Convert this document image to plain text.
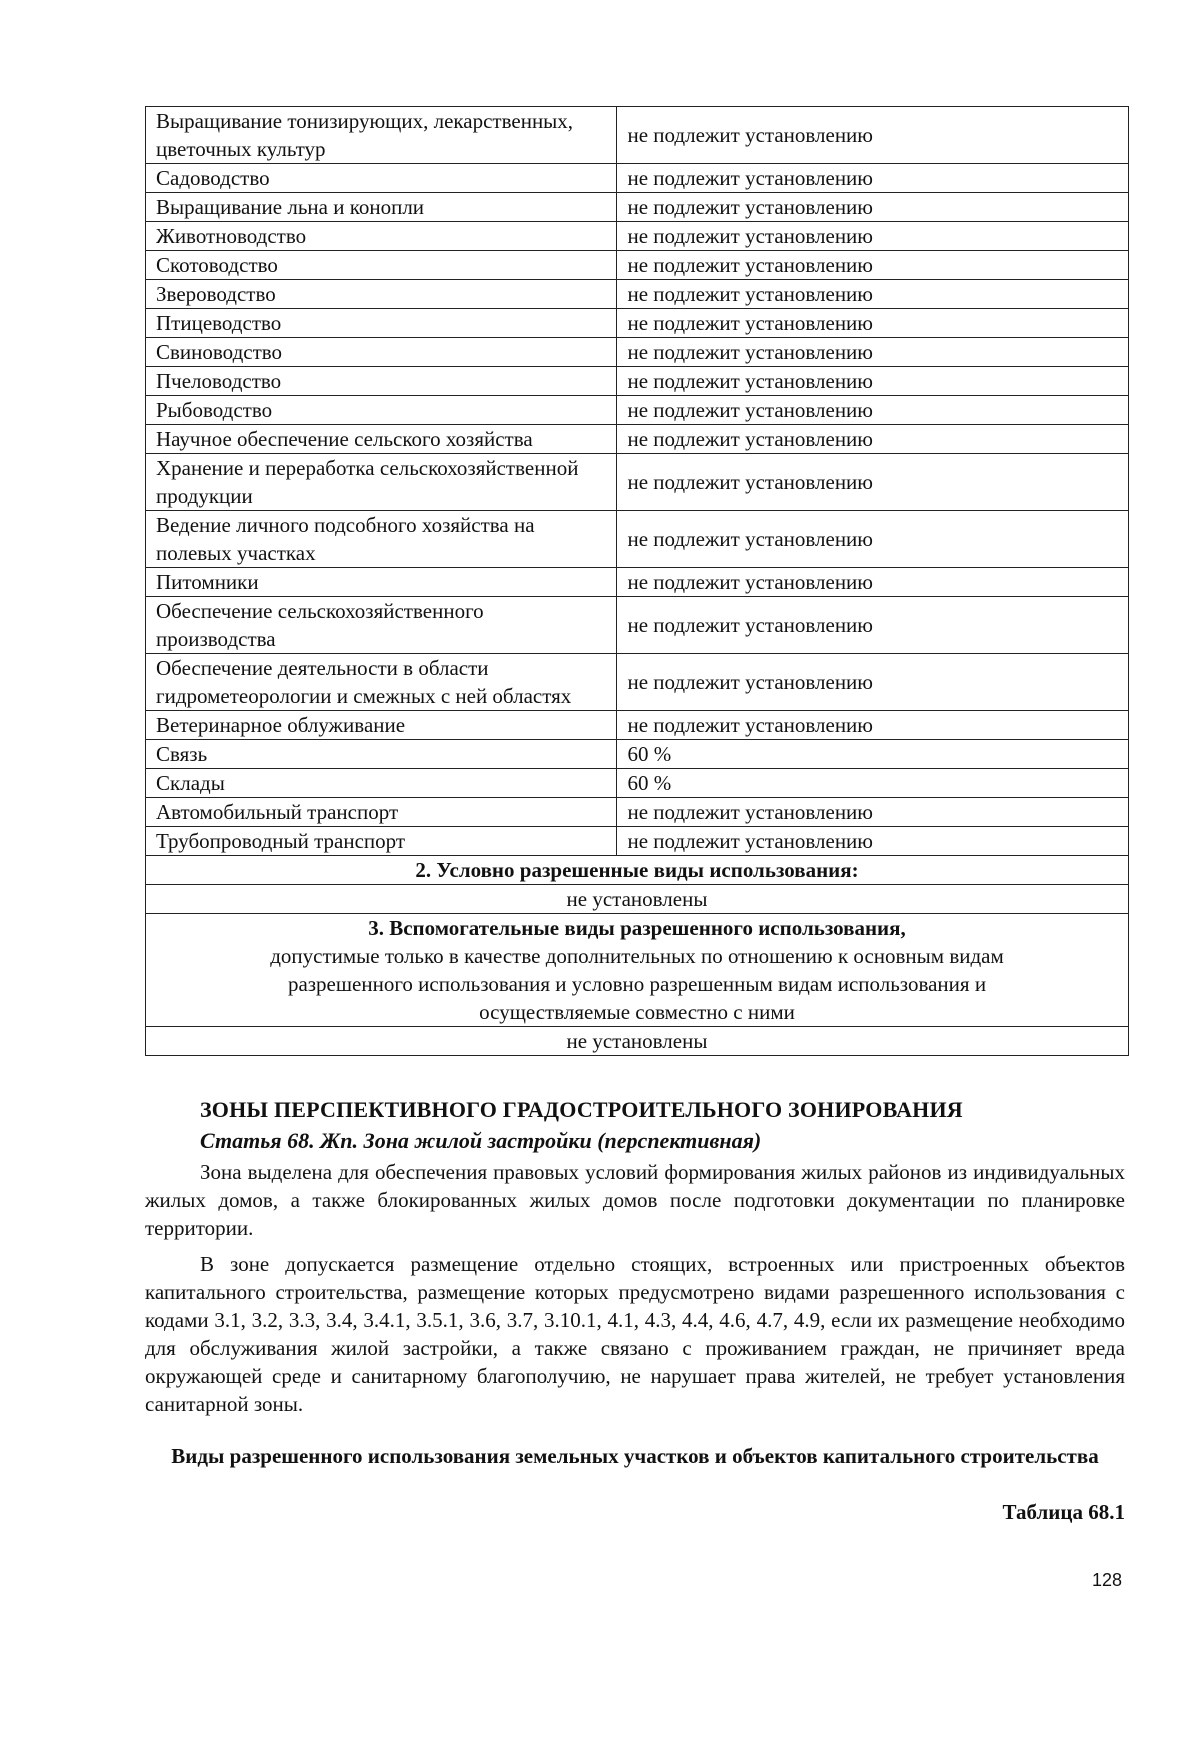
Выращивание тонизирующих, лекарственных, цветочных культур	не подлежит установлению
Садоводство	не подлежит установлению
Выращивание льна и конопли	не подлежит установлению
Животноводство	не подлежит установлению
Скотоводство	не подлежит установлению
Звероводство	не подлежит установлению
Птицеводство	не подлежит установлению
Свиноводство	не подлежит установлению
Пчеловодство	не подлежит установлению
Рыбоводство	не подлежит установлению
Научное обеспечение сельского хозяйства	не подлежит установлению
Хранение и переработка сельскохозяйственной продукции	не подлежит установлению
Ведение личного подсобного хозяйства на полевых участках	не подлежит установлению
Питомники	не подлежит установлению
Обеспечение сельскохозяйственного производства	не подлежит установлению
Обеспечение деятельности в области гидрометеорологии и смежных с ней областях	не подлежит установлению
Ветеринарное облуживание	не подлежит установлению
Связь	60 %
Склады	60 %
Автомобильный транспорт	не подлежит установлению
Трубопроводный транспорт	не подлежит установлению
2. Условно разрешенные виды использования:	
не установлены	

3. Вспомогательные виды разрешенного использования,
допустимые только в качестве дополнительных по отношению к основным видам разрешенного использования и условно разрешенным видам использования и осуществляемые совместно с ними	

не установлены	
ЗОНЫ ПЕРСПЕКТИВНОГО ГРАДОСТРОИТЕЛЬНОГО ЗОНИРОВАНИЯ
Статья 68. Жп. Зона жилой застройки (перспективная)

Зона выделена для обеспечения правовых условий формирования жилых районов из индивидуальных жилых домов, а также блокированных жилых домов после подготовки документации по планировке территории.

В зоне допускается размещение отдельно стоящих, встроенных или пристроенных объектов капитального строительства, размещение которых предусмотрено видами разрешенного использования с кодами 3.1, 3.2, 3.3, 3.4, 3.4.1, 3.5.1, 3.6, 3.7, 3.10.1, 4.1, 4.3, 4.4, 4.6, 4.7, 4.9, если их размещение необходимо для обслуживания жилой застройки, а также связано с проживанием граждан, не причиняет вреда окружающей среде и санитарному благополучию, не нарушает права жителей, не требует установления санитарной зоны.

Виды разрешенного использования земельных участков и объектов капитального строительства
Таблица 68.1
128
